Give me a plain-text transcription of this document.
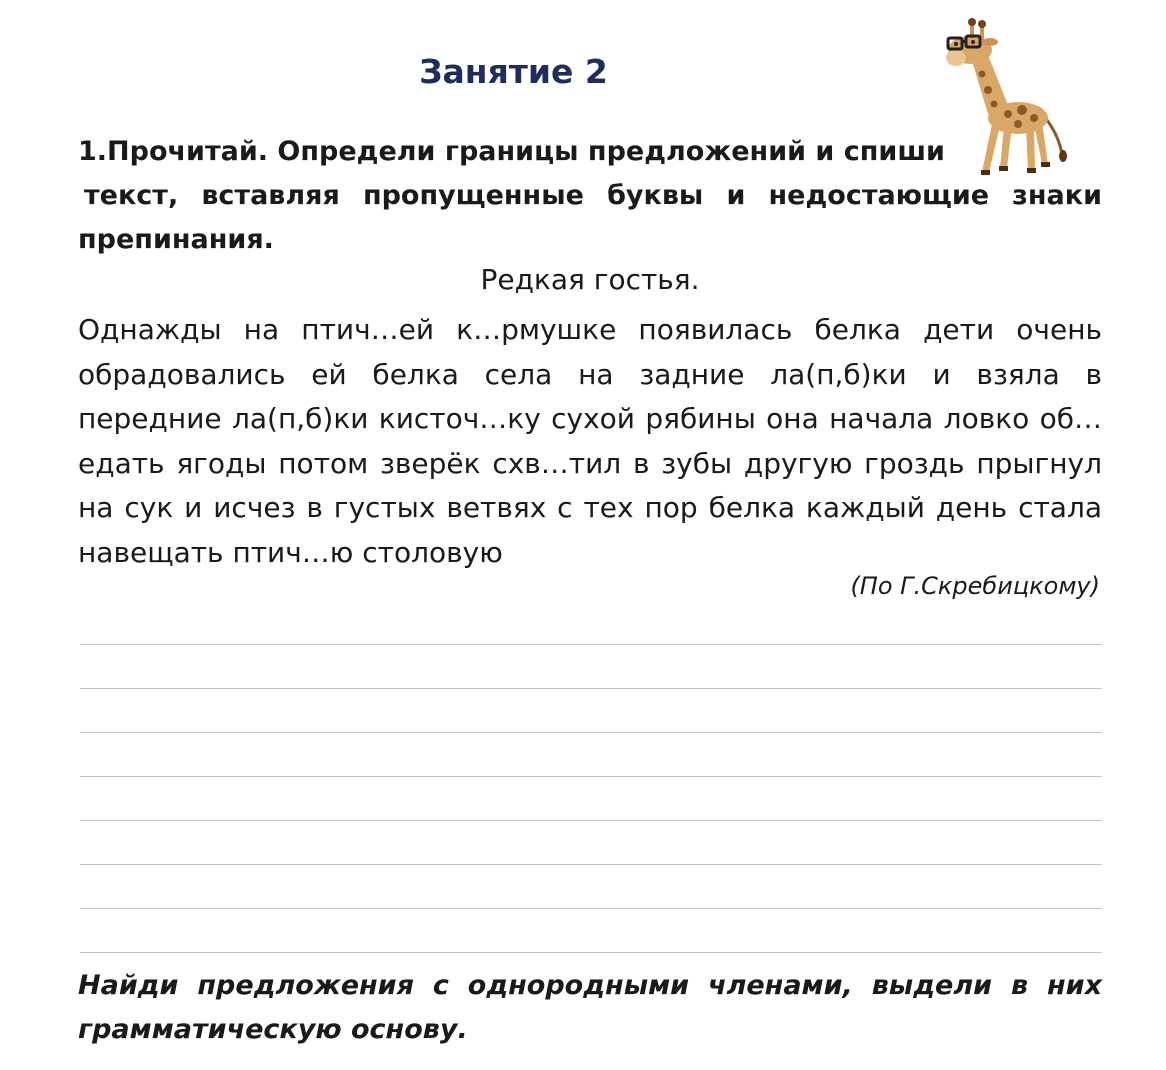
Занятие 2
1.Прочитай. Определи границы предложений и спиши
текст, вставляя пропущенные буквы и недостающие знаки препинания.

Редкая гостья.

Однажды на птич…ей к…рмушке появилась белка дети очень обрадовались ей белка села на задние ла(п,б)ки и взяла в передние ла(п,б)ки кисточ…ку сухой рябины она начала ловко об…едать ягоды потом зверёк схв…тил в зубы другую гроздь прыгнул на сук и исчез в густых ветвях с тех пор белка каждый день стала навещать птич…ю столовую

(По Г.Скребицкому)

Найди предложения с однородными членами, выдели в них грамматическую основу.
